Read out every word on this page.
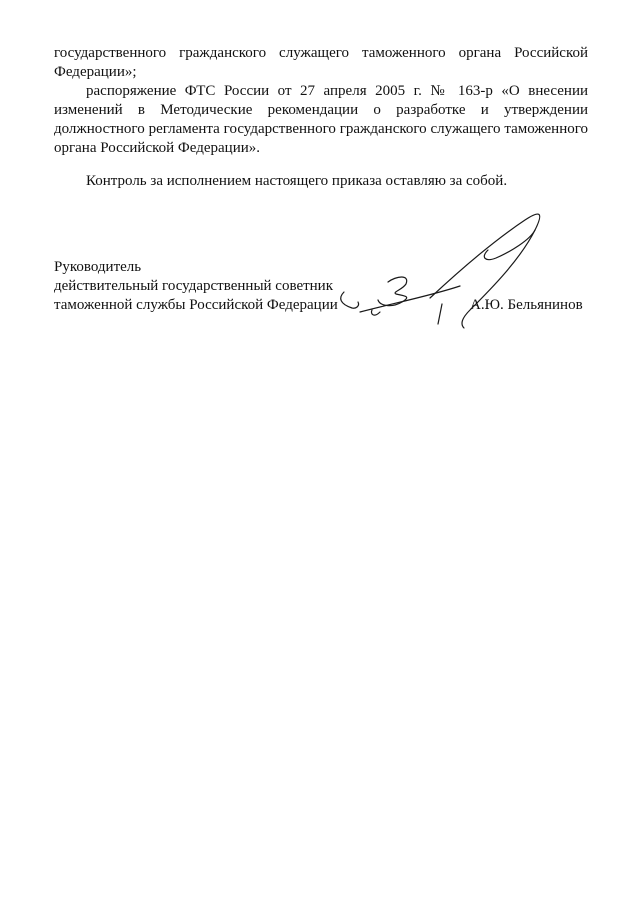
государственного гражданского служащего таможенного органа Российской Федерации»;

распоряжение ФТС России от 27 апреля 2005 г. № 163-р «О внесении изменений в Методические рекомендации о разработке и утверждении должностного регламента государственного гражданского служащего таможенного органа Российской Федерации».

Контроль за исполнением настоящего приказа оставляю за собой.

Руководитель
действительный государственный советник
таможенной службы Российской Федерации	А.Ю. Бельянинов
